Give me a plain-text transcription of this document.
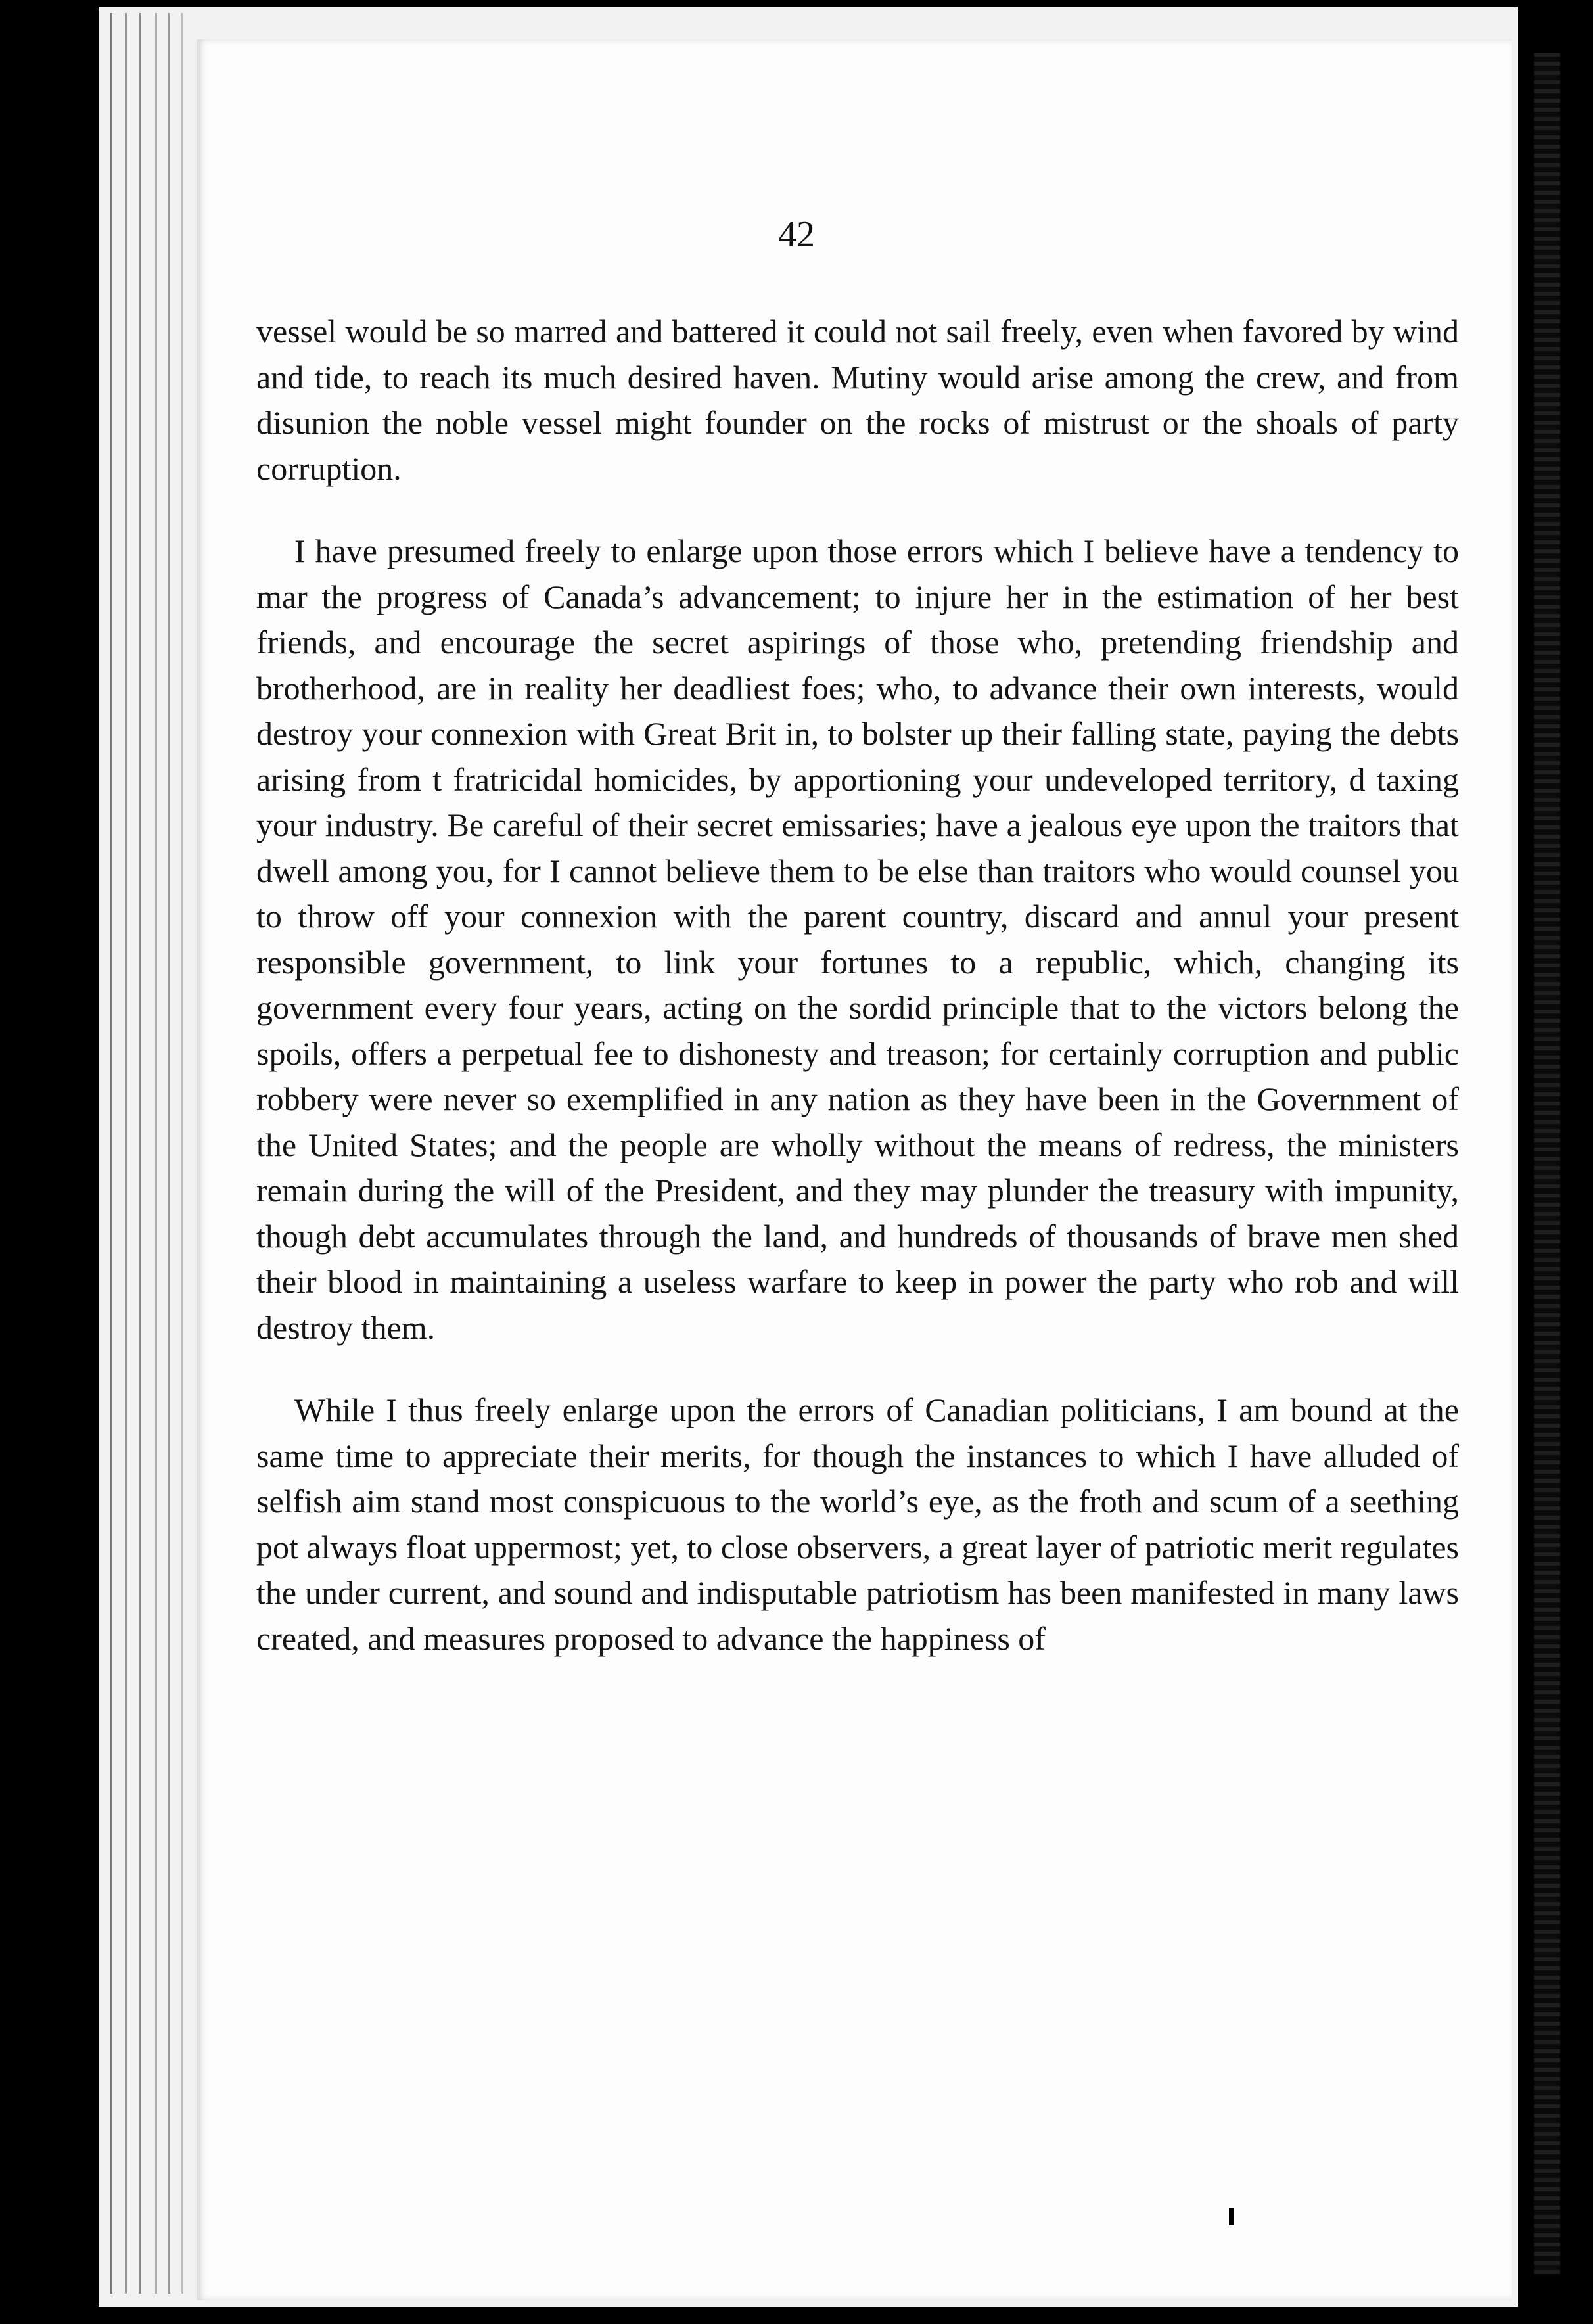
42

vessel would be so marred and battered it could not sail freely, even when favored by wind and tide, to reach its much desired haven. Mutiny would arise among the crew, and from disunion the noble vessel might founder on the rocks of mistrust or the shoals of party corruption.

I have presumed freely to enlarge upon those errors which I believe have a tendency to mar the progress of Canada’s advancement; to injure her in the estimation of her best friends, and encourage the secret aspirings of those who, pretending friendship and brotherhood, are in reality her deadliest foes; who, to advance their own interests, would destroy your connexion with Great Brit in, to bolster up their falling state, paying the debts arising from t fratricidal homicides, by apportioning your undeveloped territory, d taxing your industry. Be careful of their secret emissaries; have a jealous eye upon the traitors that dwell among you, for I cannot believe them to be else than traitors who would counsel you to throw off your connexion with the parent country, discard and annul your present responsible government, to link your fortunes to a republic, which, changing its government every four years, acting on the sordid principle that to the victors belong the spoils, offers a perpetual fee to dishonesty and treason; for certainly corruption and public robbery were never so exemplified in any nation as they have been in the Government of the United States; and the people are wholly without the means of redress, the ministers remain during the will of the President, and they may plunder the treasury with impunity, though debt accumulates through the land, and hundreds of thousands of brave men shed their blood in maintaining a useless warfare to keep in power the party who rob and will destroy them.

While I thus freely enlarge upon the errors of Canadian politicians, I am bound at the same time to appreciate their merits, for though the instances to which I have alluded of selfish aim stand most conspicuous to the world’s eye, as the froth and scum of a seething pot always float uppermost; yet, to close observers, a great layer of patriotic merit regulates the under current, and sound and indisputable patriotism has been manifested in many laws created, and measures proposed to advance the happiness of
